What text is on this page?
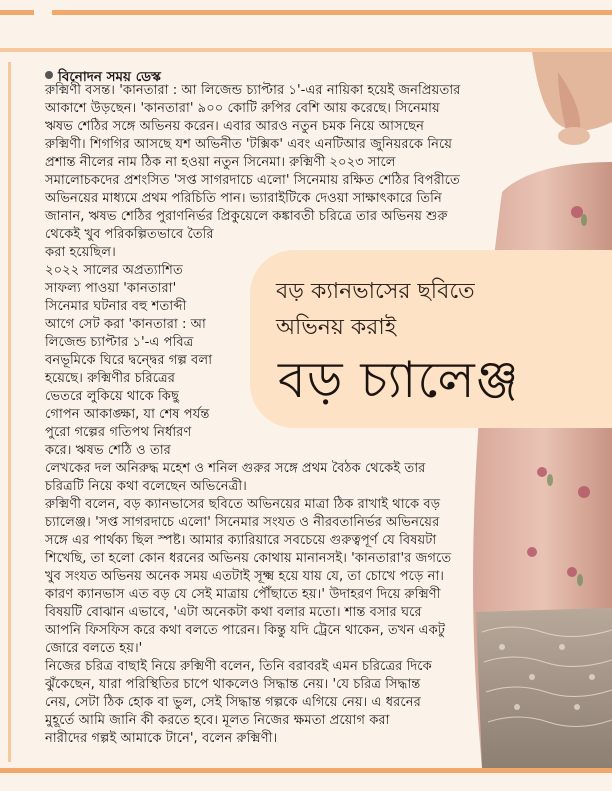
বড় ক্যানভাসের ছবিতে
অভিনয় করাই
বড় চ্যালেঞ্জ
বিনোদন সময় ডেস্ক
রুক্মিণী বসন্ত। 'কানতারা : আ লিজেন্ড চ্যাপ্টার ১'-এর নায়িকা হয়েই জনপ্রিয়তার
আকাশে উড়ছেন। 'কানতারা' ৯০০ কোটি রুপির বেশি আয় করেছে। সিনেমায়
ঋষভ শেঠির সঙ্গে অভিনয় করেন। এবার আরও নতুন চমক নিয়ে আসছেন
রুক্মিণী। শিগগির আসছে যশ অভিনীত 'টক্সিক' এবং এনটিআর জুনিয়রকে নিয়ে
প্রশান্ত নীলের নাম ঠিক না হওয়া নতুন সিনেমা। রুক্মিণী ২০২৩ সালে
সমালোচকদের প্রশংসিত 'সপ্ত সাগরদাচে এলো' সিনেমায় রক্ষিত শেঠির বিপরীতে
অভিনয়ের মাধ্যমে প্রথম পরিচিতি পান। ভ্যারাইটিকে দেওয়া সাক্ষাৎকারে তিনি
জানান, ঋষভ শেঠির পুরাণনির্ভর প্রিকুয়েলে কঙ্কাবতী চরিত্রে তার অভিনয় শুরু
থেকেই খুব পরিকল্পিতভাবে তৈরি
করা হয়েছিল।
২০২২ সালের অপ্রত্যাশিত
সাফল্য পাওয়া 'কানতারা'
সিনেমার ঘটনার বহু শতাব্দী
আগে সেট করা 'কানতারা : আ
লিজেন্ড চ্যাপ্টার ১'-এ পবিত্র
বনভূমিকে ঘিরে দ্বন্দ্বের গল্প বলা
হয়েছে। রুক্মিণীর চরিত্রের
ভেতরে লুকিয়ে থাকে কিছু
গোপন আকাঙ্ক্ষা, যা শেষ পর্যন্ত
পুরো গল্পের গতিপথ নির্ধারণ
করে। ঋষভ শেঠি ও তার
লেখকের দল অনিরুদ্ধ মহেশ ও শনিল গুরুর সঙ্গে প্রথম বৈঠক থেকেই তার
চরিত্রটি নিয়ে কথা বলেছেন অভিনেত্রী।
রুক্মিণী বলেন, বড় ক্যানভাসের ছবিতে অভিনয়ের মাত্রা ঠিক রাখাই থাকে বড়
চ্যালেঞ্জ। 'সপ্ত সাগরদাচে এলো' সিনেমার সংযত ও নীরবতানির্ভর অভিনয়ের
সঙ্গে এর পার্থক্য ছিল স্পষ্ট। আমার ক্যারিয়ারে সবচেয়ে গুরুত্বপূর্ণ যে বিষয়টা
শিখেছি, তা হলো কোন ধরনের অভিনয় কোথায় মানানসই। 'কানতারা'র জগতে
খুব সংযত অভিনয় অনেক সময় এতটাই সূক্ষ্ম হয়ে যায় যে, তা চোখে পড়ে না।
কারণ ক্যানভাস এত বড় যে সেই মাত্রায় পৌঁছাতে হয়।' উদাহরণ দিয়ে রুক্মিণী
বিষয়টি বোঝান এভাবে, 'এটা অনেকটা কথা বলার মতো। শান্ত বসার ঘরে
আপনি ফিসফিস করে কথা বলতে পারেন। কিন্তু যদি ট্রেনে থাকেন, তখন একটু
জোরে বলতে হয়।'
নিজের চরিত্র বাছাই নিয়ে রুক্মিণী বলেন, তিনি বরাবরই এমন চরিত্রের দিকে
ঝুঁকেছেন, যারা পরিস্থিতির চাপে থাকলেও সিদ্ধান্ত নেয়। 'যে চরিত্র সিদ্ধান্ত
নেয়, সেটা ঠিক হোক বা ভুল, সেই সিদ্ধান্ত গল্পকে এগিয়ে নেয়। এ ধরনের
মুহূর্তে আমি জানি কী করতে হবে। মূলত নিজের ক্ষমতা প্রয়োগ করা
নারীদের গল্পই আমাকে টানে', বলেন রুক্মিণী।
